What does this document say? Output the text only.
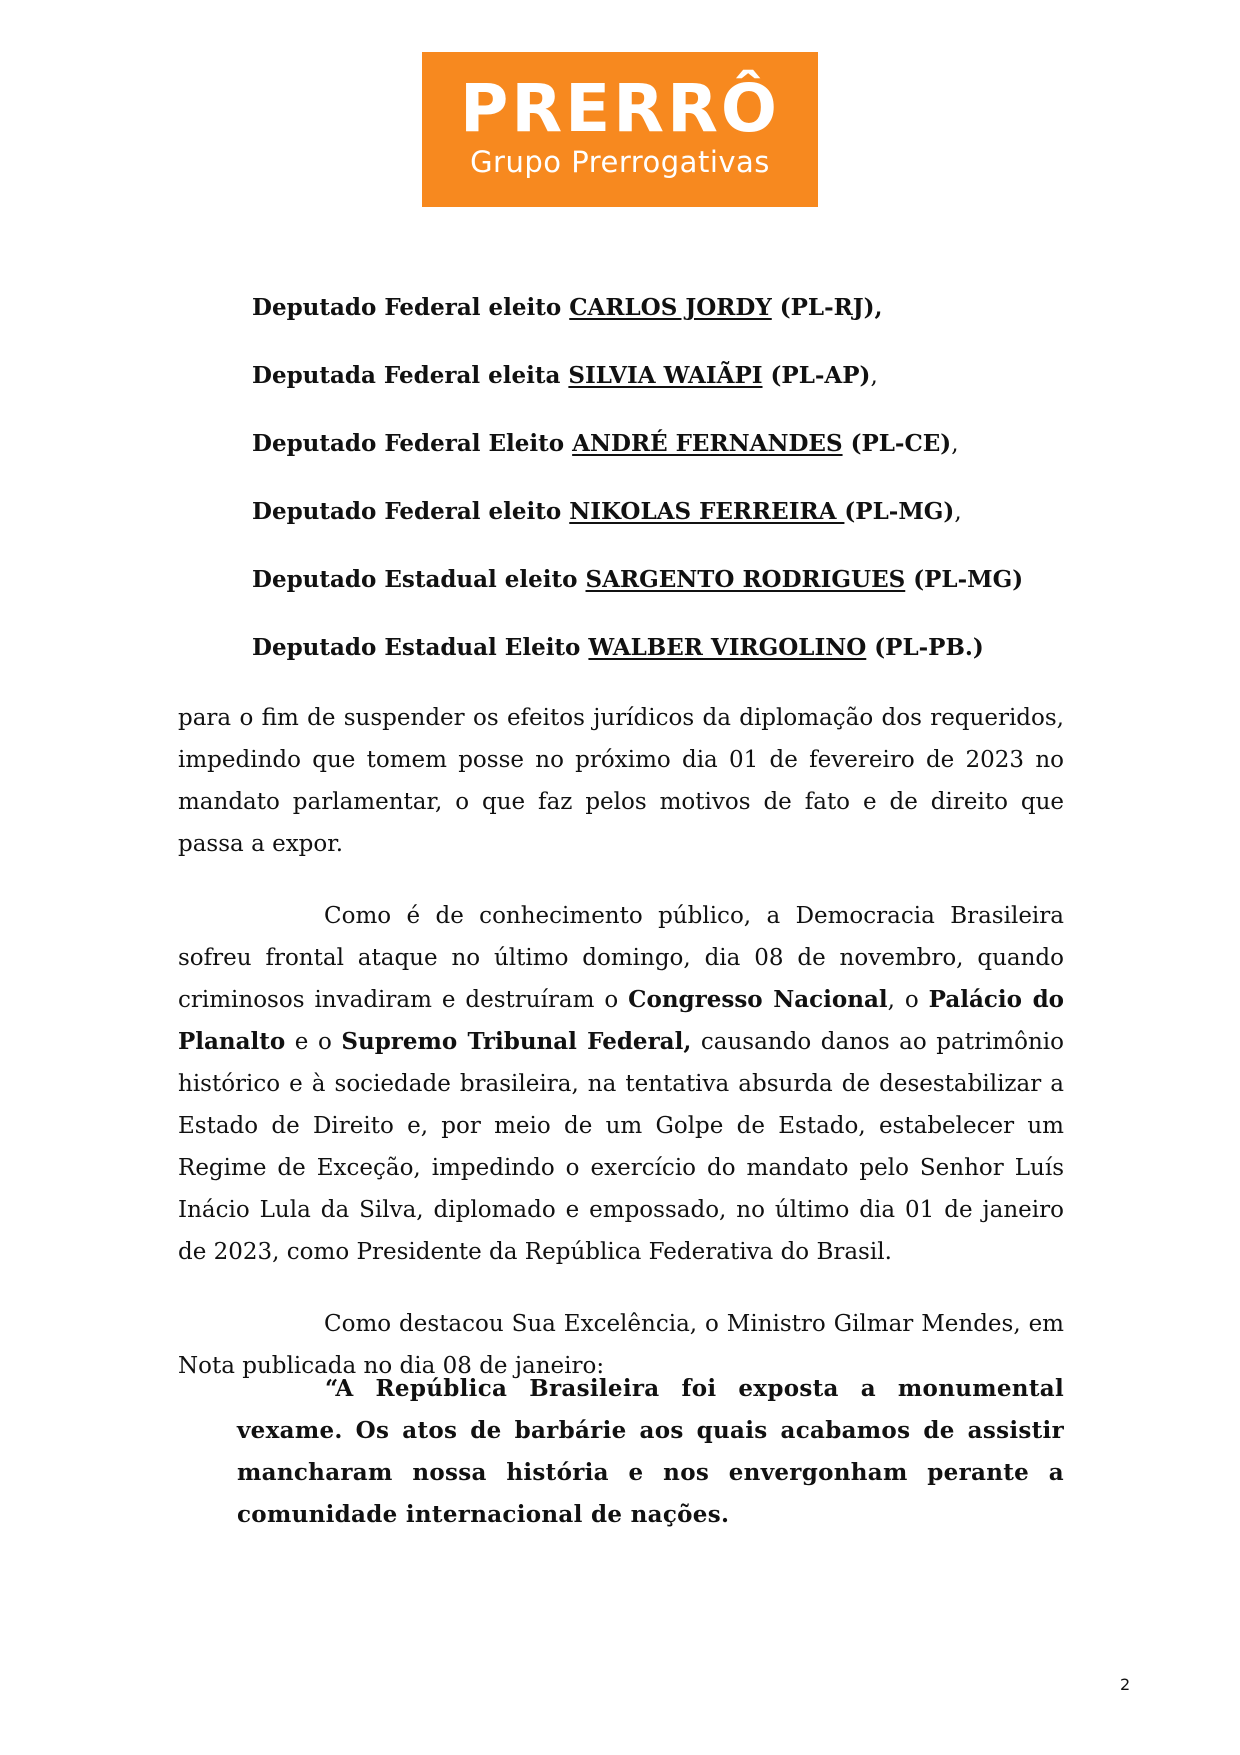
PRERRÔ
Grupo Prerrogativas
Deputado Federal eleito CARLOS JORDY (PL-RJ),
Deputada Federal eleita SILVIA WAIÃPI (PL-AP),
Deputado Federal Eleito ANDRÉ FERNANDES (PL-CE),
Deputado Federal eleito NIKOLAS FERREIRA (PL-MG),
Deputado Estadual eleito SARGENTO RODRIGUES (PL-MG)
Deputado Estadual Eleito WALBER VIRGOLINO (PL-PB.)

para o fim de suspender os efeitos jurídicos da diplomação dos requeridos, impedindo que tomem posse no próximo dia 01 de fevereiro de 2023 no mandato parlamentar, o que faz pelos motivos de fato e de direito que passa a expor.

Como é de conhecimento público, a Democracia Brasileira sofreu frontal ataque no último domingo, dia 08 de novembro, quando criminosos invadiram e destruíram o Congresso Nacional, o Palácio do Planalto e o Supremo Tribunal Federal, causando danos ao patrimônio histórico e à sociedade brasileira, na tentativa absurda de desestabilizar a Estado de Direito e, por meio de um Golpe de Estado, estabelecer um Regime de Exceção, impedindo o exercício do mandato pelo Senhor Luís Inácio Lula da Silva, diplomado e empossado, no último dia 01 de janeiro de 2023, como Presidente da República Federativa do Brasil.

Como destacou Sua Excelência, o Ministro Gilmar Mendes, em Nota publicada no dia 08 de janeiro:

“A República Brasileira foi exposta a monumental vexame. Os atos de barbárie aos quais acabamos de assistir mancharam nossa história e nos envergonham perante a comunidade internacional de nações.
2
